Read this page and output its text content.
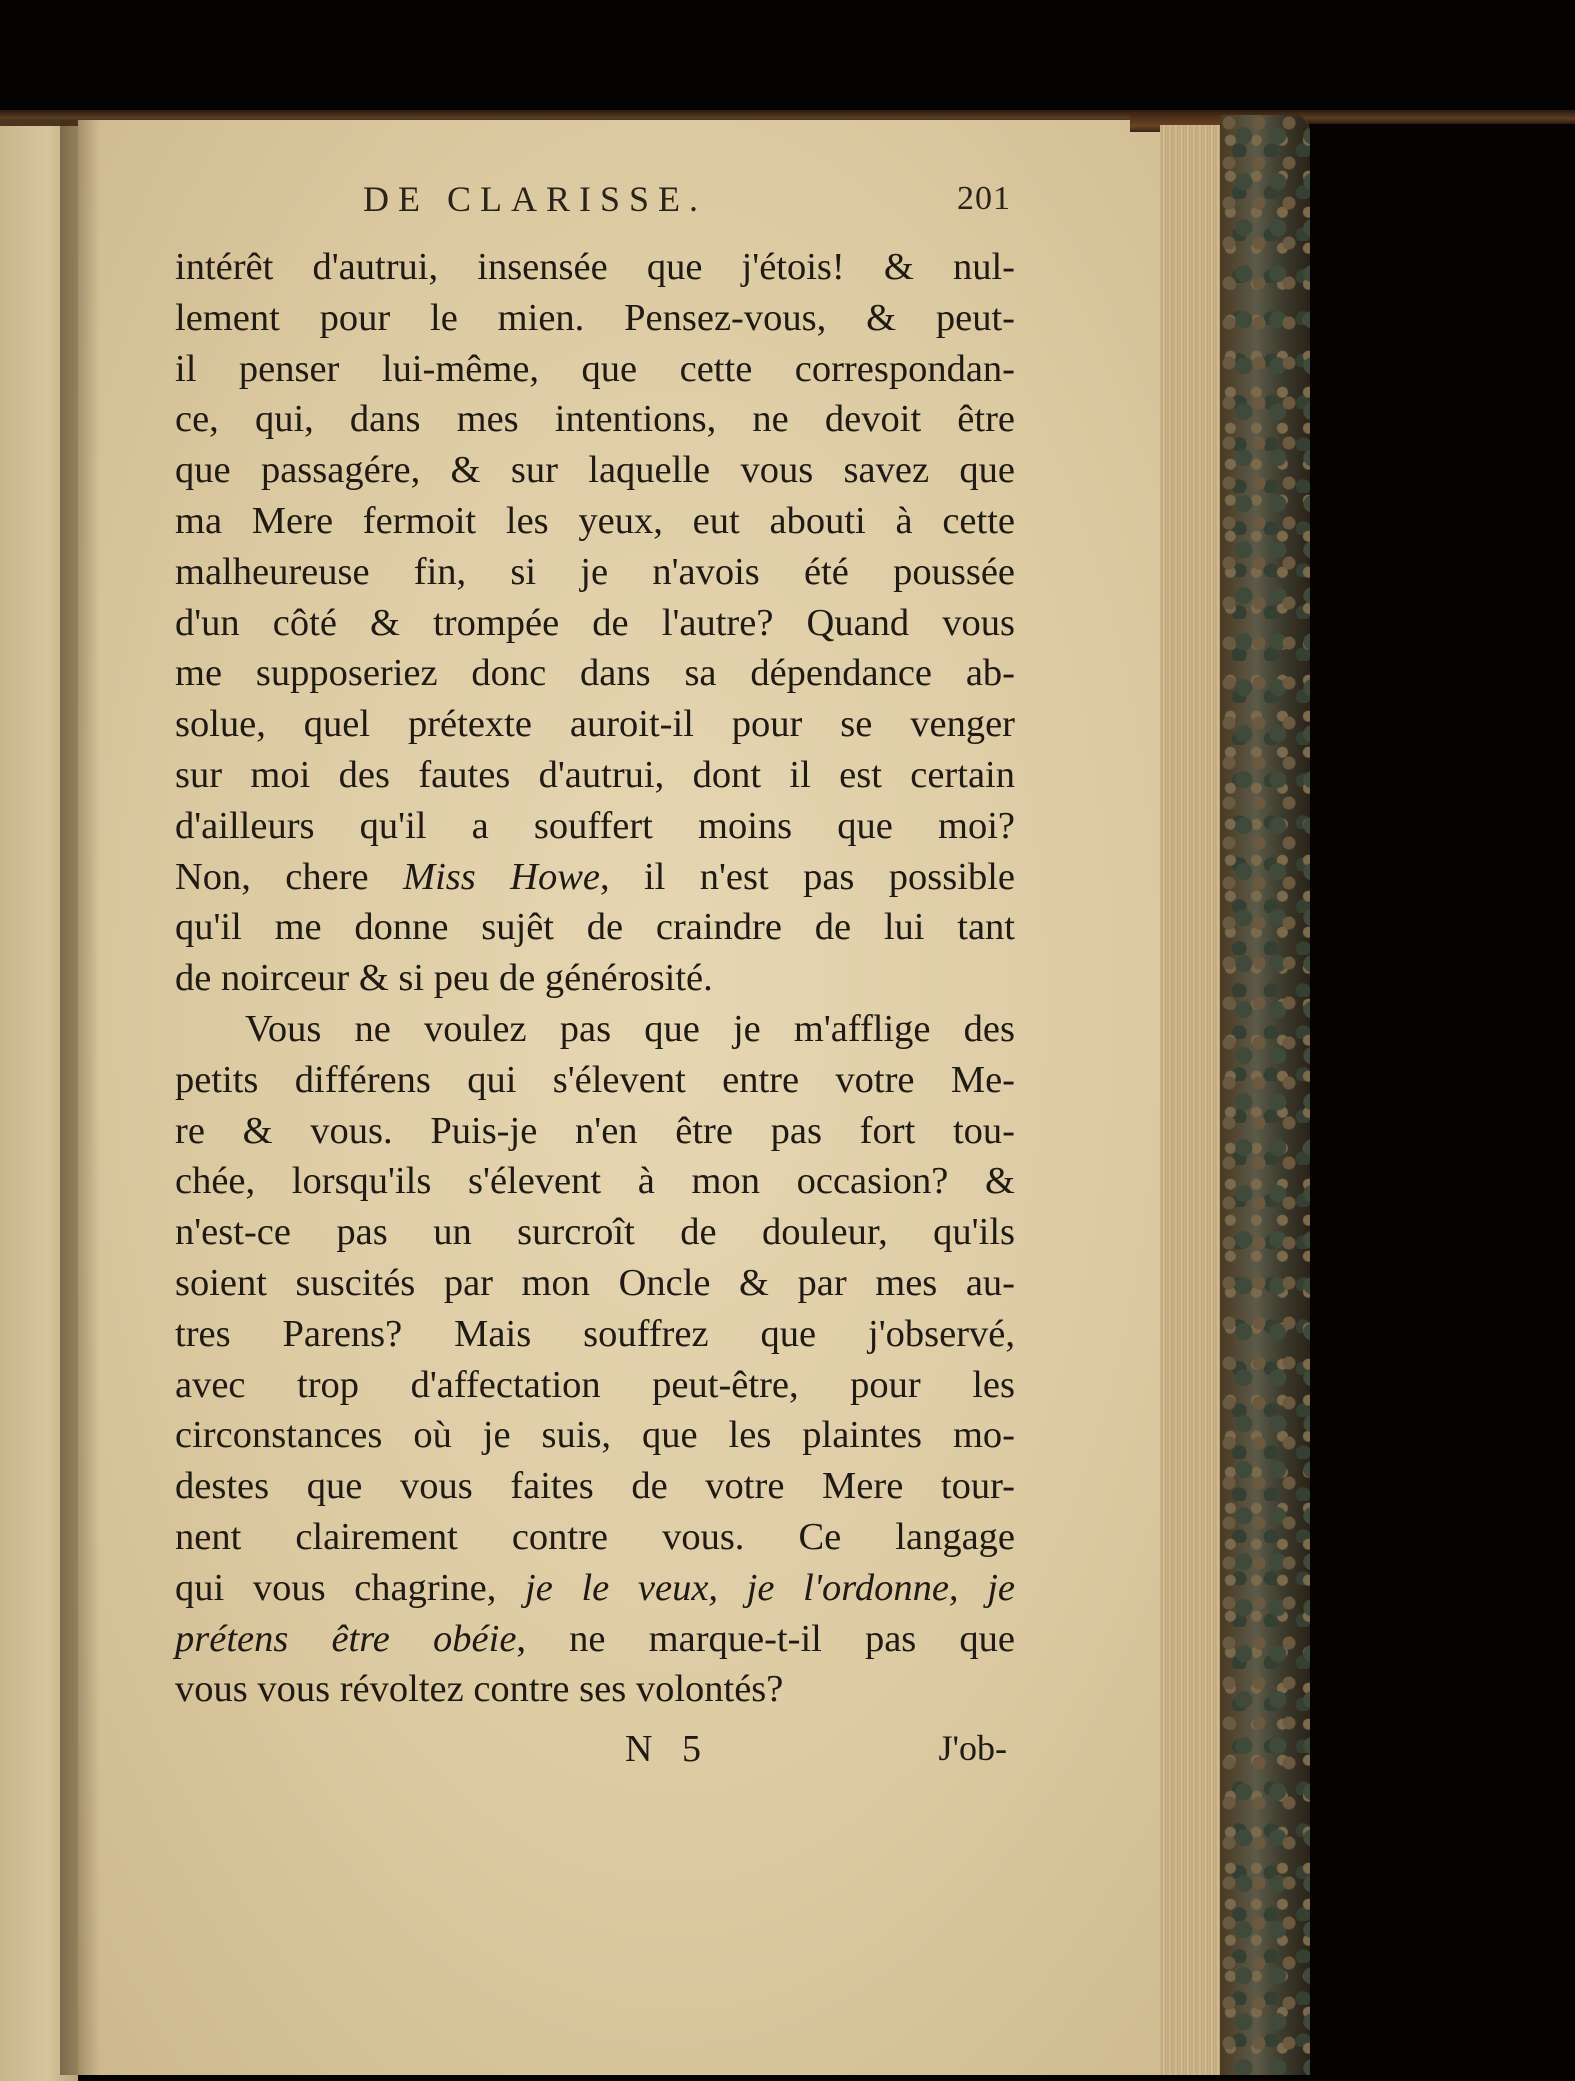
DE CLARISSE.	201
intérêt d'autrui, insensée que j'étois! & nul-
lement pour le mien. Pensez-vous, & peut-
il penser lui-même, que cette correspondan-
ce, qui, dans mes intentions, ne devoit être
que passagére, & sur laquelle vous savez que
ma Mere fermoit les yeux, eut abouti à cette
malheureuse fin, si je n'avois été poussée
d'un côté & trompée de l'autre? Quand vous
me supposeriez donc dans sa dépendance ab-
solue, quel prétexte auroit-il pour se venger
sur moi des fautes d'autrui, dont il est certain
d'ailleurs qu'il a souffert moins que moi?
Non, chere Miss Howe, il n'est pas possible
qu'il me donne sujêt de craindre de lui tant
de noirceur & si peu de générosité.
Vous ne voulez pas que je m'afflige des
petits différens qui s'élevent entre votre Me-
re & vous. Puis-je n'en être pas fort tou-
chée, lorsqu'ils s'élevent à mon occasion? &
n'est-ce pas un surcroît de douleur, qu'ils
soient suscités par mon Oncle & par mes au-
tres Parens? Mais souffrez que j'observé,
avec trop d'affectation peut-être, pour les
circonstances où je suis, que les plaintes mo-
destes que vous faites de votre Mere tour-
nent clairement contre vous. Ce langage
qui vous chagrine, je le veux, je l'ordonne, je
prétens être obéie, ne marque-t-il pas que
vous vous révoltez contre ses volontés?
N 5	J'ob-
